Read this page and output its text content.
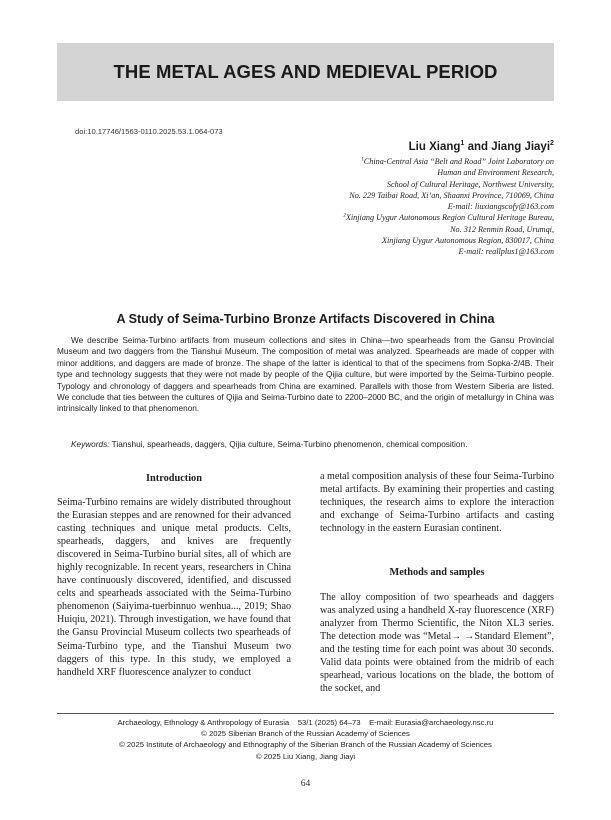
THE METAL AGES AND MEDIEVAL PERIOD
doi:10.17746/1563-0110.2025.53.1.064-073
Liu Xiang$^1$ and Jiang Jiayi$^2$
$^1$China-Central Asia “Belt and Road” Joint Laboratory on
Human and Environment Research,
School of Cultural Heritage, Northwest University,
No. 229 Taibai Road, Xi’an, Shaanxi Province, 710069, China
E-mail: liuxiangscofy@163.com
$^2$Xinjiang Uygur Autonomous Region Cultural Heritage Bureau,
No. 312 Renmin Road, Urumqi,
Xinjiang Uygur Autonomous Region, 830017, China
E-mail: reallplus1@163.com
A Study of Seima-Turbino Bronze Artifacts Discovered in China

We describe Seima-Turbino artifacts from museum collections and sites in China—two spearheads from the Gansu Provincial Museum and two daggers from the Tianshui Museum. The composition of metal was analyzed. Spearheads are made of copper with minor additions, and daggers are made of bronze. The shape of the latter is identical to that of the specimens from Sopka-2/4B. Their type and technology suggests that they were not made by people of the Qijia culture, but were imported by the Seima-Turbino people. Typology and chronology of daggers and spearheads from China are examined. Parallels with those from Western Siberia are listed. We conclude that ties between the cultures of Qijia and Seima-Turbino date to 2200–2000 BC, and the origin of metallurgy in China was intrinsically linked to that phenomenon.

Keywords: Tianshui, spearheads, daggers, Qijia culture, Seima-Turbino phenomenon, chemical composition.

Introduction

Seima-Turbino remains are widely distributed throughout the Eurasian steppes and are renowned for their advanced casting techniques and unique metal products. Celts, spearheads, daggers, and knives are frequently discovered in Seima-Turbino burial sites, all of which are highly recognizable. In recent years, researchers in China have continuously discovered, identified, and discussed celts and spearheads associated with the Seima-Turbino phenomenon (Saiyima-tuerbinnuo wenhua..., 2019; Shao Huiqiu, 2021). Through investigation, we have found that the Gansu Provincial Museum collects two spearheads of Seima-Turbino type, and the Tianshui Museum two daggers of this type. In this study, we employed a handheld XRF fluorescence analyzer to conduct

a metal composition analysis of these four Seima-Turbino metal artifacts. By examining their properties and casting techniques, the research aims to explore the interaction and exchange of Seima-Turbino artifacts and casting technology in the eastern Eurasian continent.

Methods and samples

The alloy composition of two spearheads and daggers was analyzed using a handheld X-ray fluorescence (XRF) analyzer from Thermo Scientific, the Niton XL3 series. The detection mode was “Metal→ →Standard Element”, and the testing time for each point was about 30 seconds. Valid data points were obtained from the midrib of each spearhead, various locations on the blade, the bottom of the socket, and

Archaeology, Ethnology & Anthropology of Eurasia    53/1 (2025) 64–73    E-mail: Eurasia@archaeology.nsc.ru
© 2025 Siberian Branch of the Russian Academy of Sciences
© 2025 Institute of Archaeology and Ethnography of the Siberian Branch of the Russian Academy of Sciences
© 2025 Liu Xiang, Jiang Jiayi
64
